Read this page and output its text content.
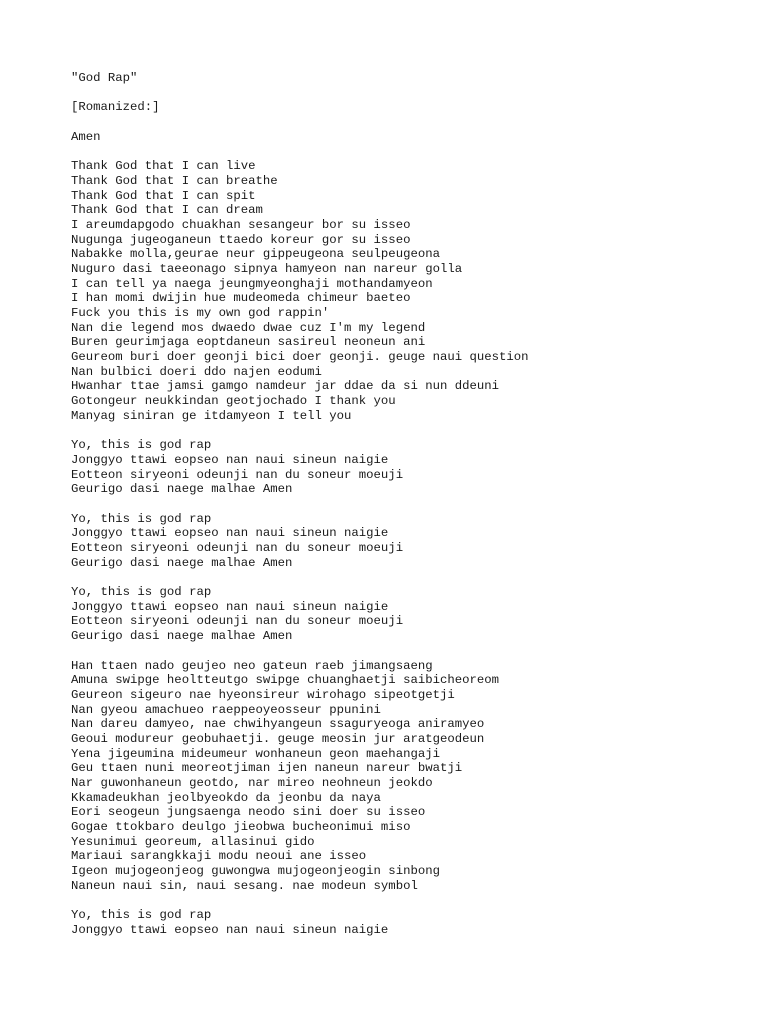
"God Rap"
[Romanized:]
Amen
Thank God that I can live
Thank God that I can breathe
Thank God that I can spit
Thank God that I can dream
I areumdapgodo chuakhan sesangeur bor su isseo
Nugunga jugeoganeun ttaedo koreur gor su isseo
Nabakke molla,geurae neur gippeugeona seulpeugeona
Nuguro dasi taeeonago sipnya hamyeon nan nareur golla
I can tell ya naega jeungmyeonghaji mothandamyeon
I han momi dwijin hue mudeomeda chimeur baeteo
Fuck you this is my own god rappin'
Nan die legend mos dwaedo dwae cuz I'm my legend
Buren geurimjaga eoptdaneun sasireul neoneun ani
Geureom buri doer geonji bici doer geonji. geuge naui question
Nan bulbici doeri ddo najen eodumi
Hwanhar ttae jamsi gamgo namdeur jar ddae da si nun ddeuni
Gotongeur neukkindan geotjochado I thank you
Manyag siniran ge itdamyeon I tell you
Yo, this is god rap
Jonggyo ttawi eopseo nan naui sineun naigie
Eotteon siryeoni odeunji nan du soneur moeuji
Geurigo dasi naege malhae Amen
Yo, this is god rap
Jonggyo ttawi eopseo nan naui sineun naigie
Eotteon siryeoni odeunji nan du soneur moeuji
Geurigo dasi naege malhae Amen
Yo, this is god rap
Jonggyo ttawi eopseo nan naui sineun naigie
Eotteon siryeoni odeunji nan du soneur moeuji
Geurigo dasi naege malhae Amen
Han ttaen nado geujeo neo gateun raeb jimangsaeng
Amuna swipge heoltteutgo swipge chuanghaetji saibicheoreom
Geureon sigeuro nae hyeonsireur wirohago sipeotgetji
Nan gyeou amachueo raeppeoyeosseur ppunini
Nan dareu damyeo, nae chwihyangeun ssaguryeoga aniramyeo
Geoui modureur geobuhaetji. geuge meosin jur aratgeodeun
Yena jigeumina mideumeur wonhaneun geon maehangaji
Geu ttaen nuni meoreotjiman ijen naneun nareur bwatji
Nar guwonhaneun geotdo, nar mireo neohneun jeokdo
Kkamadeukhan jeolbyeokdo da jeonbu da naya
Eori seogeun jungsaenga neodo sini doer su isseo
Gogae ttokbaro deulgo jieobwa bucheonimui miso
Yesunimui georeum, allasinui gido
Mariaui sarangkkaji modu neoui ane isseo
Igeon mujogeonjeog guwongwa mujogeonjeogin sinbong
Naneun naui sin, naui sesang. nae modeun symbol
Yo, this is god rap
Jonggyo ttawi eopseo nan naui sineun naigie
